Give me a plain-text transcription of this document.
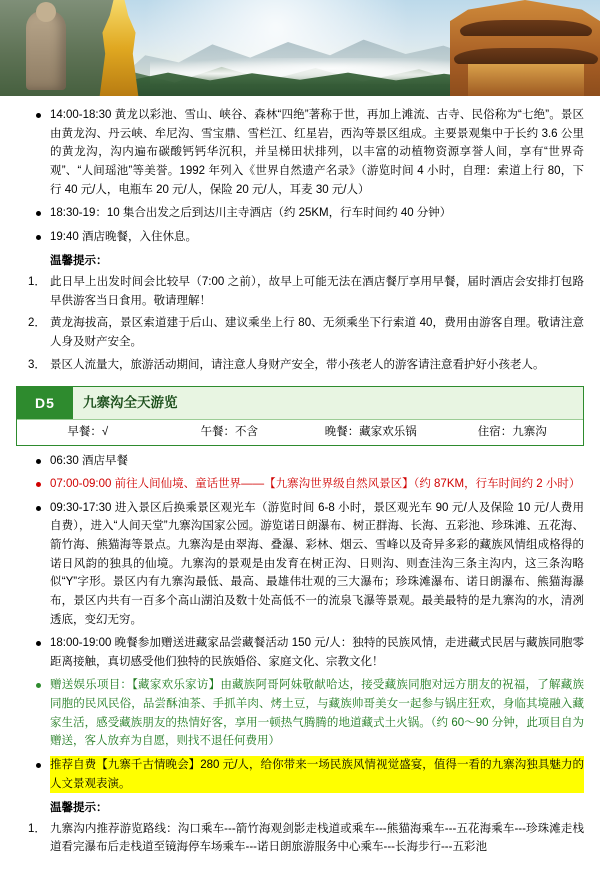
14:00-18:30 黄龙以彩池、雪山、峡谷、森林“四绝”著称于世，再加上滩流、古寺、民俗称为“七绝”。景区由黄龙沟、丹云峡、牟尼沟、雪宝鼎、雪栏江、红星岩，西沟等景区组成。主要景观集中于长约 3.6 公里的黄龙沟，沟内遍布碳酸钙钙华沉积，并呈梯田状排列，以丰富的动植物资源享誉人间，享有“世界奇观”、“人间瑶池”等美誉。1992 年列入《世界自然遗产名录》（游览时间 4 小时，自理：索道上行 80，下行 40 元/人，电瓶车 20 元/人，保险 20 元/人，耳麦 30 元/人）
18:30-19：10 集合出发之后到达川主寺酒店（约 25KM，行车时间约 40 分钟）
19:40 酒店晚餐，入住休息。
温馨提示：
此日早上出发时间会比较早（7:00 之前），故早上可能无法在酒店餐厅享用早餐，届时酒店会安排打包路早供游客当日食用。敬请理解！
黄龙海拔高，景区索道建于后山、建议乘坐上行 80、无须乘坐下行索道 40，费用由游客自理。敬请注意人身及财产安全。
景区人流量大，旅游活动期间，请注意人身财产安全，带小孩老人的游客请注意看护好小孩老人。
D5	九寨沟全天游览
早餐：√	午餐：不含	晚餐：藏家欢乐锅	住宿：九寨沟
06:30 酒店早餐
07:00-09:00 前往人间仙境、童话世界——【九寨沟世界级自然风景区】（约 87KM，行车时间约 2 小时）
09:30-17:30 进入景区后换乘景区观光车（游览时间 6-8 小时，景区观光车 90 元/人及保险 10 元/人费用自费），进入“人间天堂”九寨沟国家公园。游览诺日朗瀑布、树正群海、长海、五彩池、珍珠滩、五花海、箭竹海、熊猫海等景点。九寨沟是由翠海、叠瀑、彩林、烟云、雪峰以及奇异多彩的藏族风情组成格得的诺日风韵的独具的仙境。九寨沟的景观是由发育在树正沟、日则沟、则查洼沟三条主沟内，这三条沟略似“Y”字形。景区内有九寨沟最低、最高、最雄伟壮观的三大瀑布；珍珠滩瀑布、诺日朗瀑布、熊猫海瀑布，景区内共有一百多个高山湖泊及数十处高低不一的流泉飞瀑等景观。最美最特的是九寨沟的水，清冽透底，变幻无穷。
18:00-19:00 晚餐参加赠送进藏家品尝藏餐活动 150 元/人：独特的民族风情，走进藏式民居与藏族同胞零距离接触，真切感受他们独特的民族婚俗、家庭文化、宗教文化！
赠送娱乐项目：【藏家欢乐家访】由藏族阿哥阿妹敬献哈达，接受藏族同胞对远方朋友的祝福，了解藏族同胞的民风民俗，品尝酥油茶、手抓羊肉、烤土豆，与藏族帅哥美女一起参与锅庄狂欢，身临其境融入藏家生活，感受藏族朋友的热情好客，享用一顿热气腾腾的地道藏式土火锅。（约 60～90 分钟，此项目自为赠送，客人放弃为自愿，则找不退任何费用）
推荐自费【九寨千古情晚会】280 元/人，给你带来一场民族风情视觉盛宴，值得一看的九寨沟独具魅力的人文景观表演。
温馨提示：
九寨沟内推荐游览路线：沟口乘车---箭竹海观剑影走栈道或乘车---熊猫海乘车---五花海乘车---珍珠滩走栈道看完瀑布后走栈道至镜海停车场乘车---诺日朗旅游服务中心乘车---长海步行---五彩池
